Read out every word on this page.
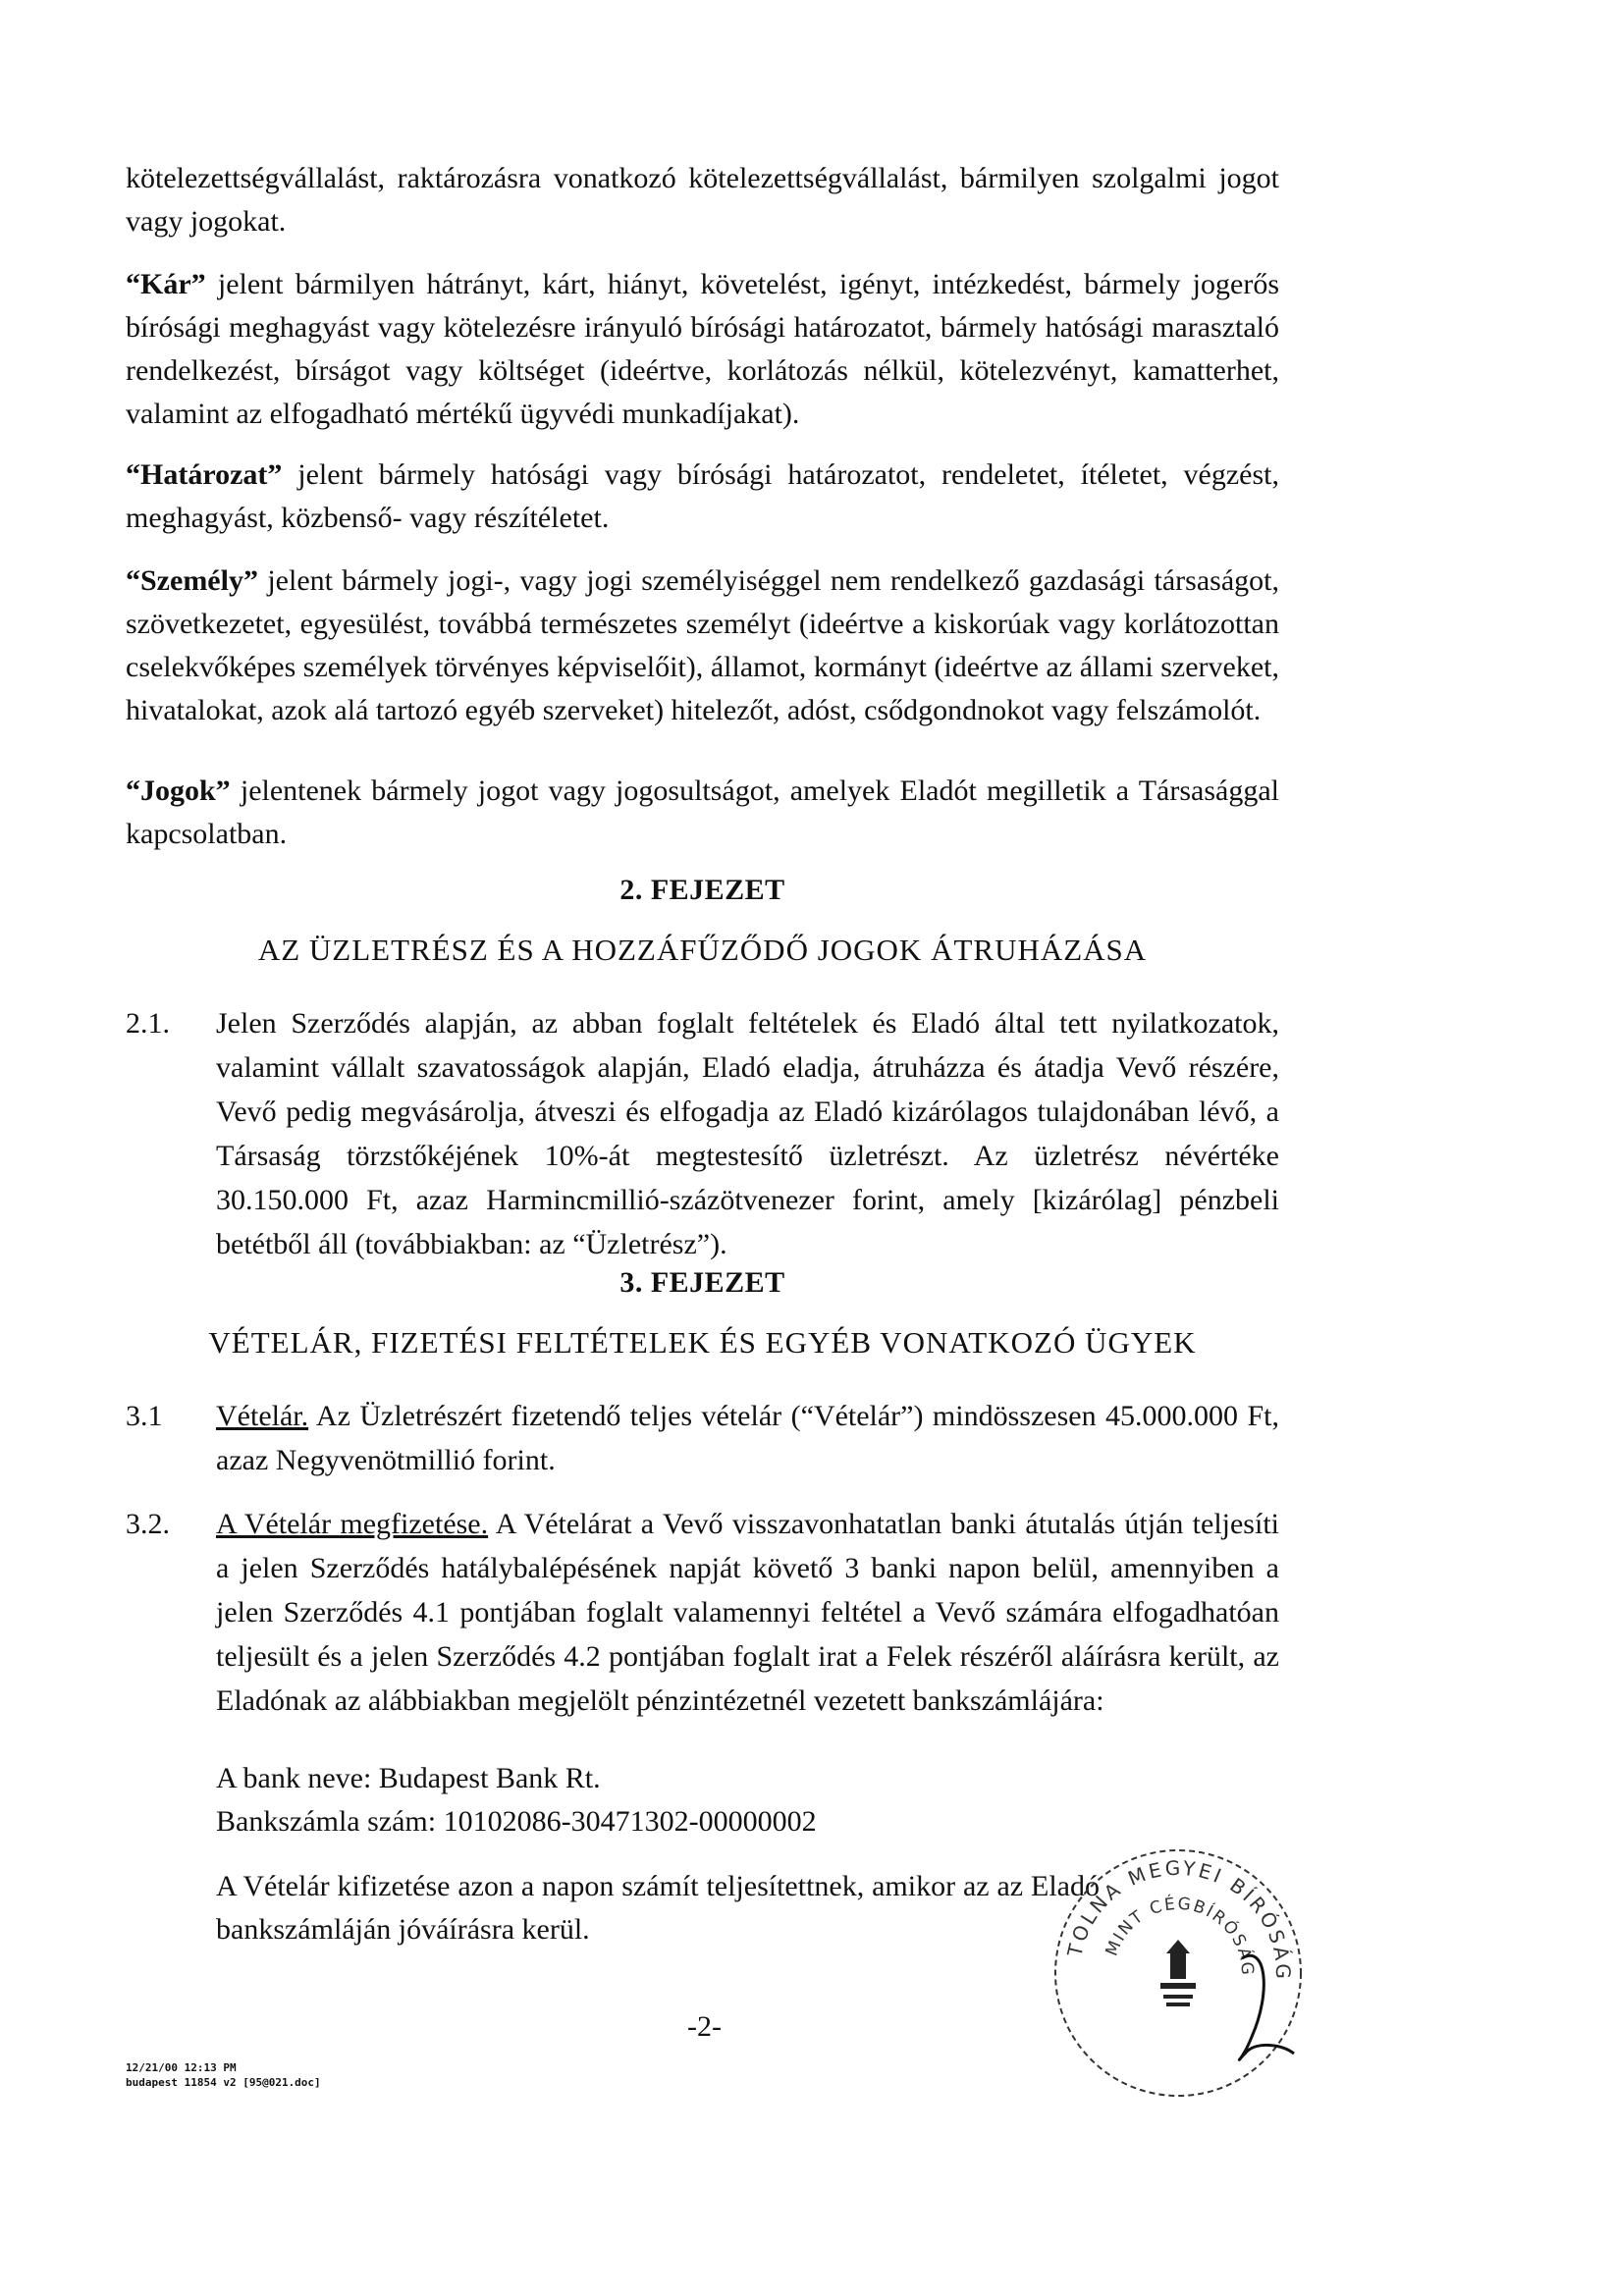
kötelezettségvállalást, raktározásra vonatkozó kötelezettségvállalást, bármilyen szolgalmi jogot vagy jogokat.
“Kár” jelent bármilyen hátrányt, kárt, hiányt, követelést, igényt, intézkedést, bármely jogerős bírósági meghagyást vagy kötelezésre irányuló bírósági határozatot, bármely hatósági marasztaló rendelkezést, bírságot vagy költséget (ideértve, korlátozás nélkül, kötelezvényt, kamatterhet, valamint az elfogadható mértékű ügyvédi munkadíjakat).
“Határozat” jelent bármely hatósági vagy bírósági határozatot, rendeletet, ítéletet, végzést, meghagyást, közbenső- vagy részítéletet.
“Személy” jelent bármely jogi-, vagy jogi személyiséggel nem rendelkező gazdasági társaságot, szövetkezetet, egyesülést, továbbá természetes személyt (ideértve a kiskorúak vagy korlátozottan cselekvőképes személyek törvényes képviselőit), államot, kormányt (ideértve az állami szerveket, hivatalokat, azok alá tartozó egyéb szerveket) hitelezőt, adóst, csődgondnokot vagy felszámolót.
“Jogok” jelentenek bármely jogot vagy jogosultságot, amelyek Eladót megilletik a Társasággal kapcsolatban.
2. FEJEZET
AZ ÜZLETRÉSZ ÉS A HOZZÁFŰZŐDŐ JOGOK ÁTRUHÁZÁSA
2.1.	Jelen Szerződés alapján, az abban foglalt feltételek és Eladó által tett nyilatkozatok, valamint vállalt szavatosságok alapján, Eladó eladja, átruházza és átadja Vevő részére, Vevő pedig megvásárolja, átveszi és elfogadja az Eladó kizárólagos tulajdonában lévő, a Társaság törzstőkéjének 10%-át megtestesítő üzletrészt. Az üzletrész névértéke 30.150.000 Ft, azaz Harmincmillió-százötvenezer forint, amely [kizárólag] pénzbeli betétből áll (továbbiakban: az “Üzletrész”).
3. FEJEZET
VÉTELÁR, FIZETÉSI FELTÉTELEK ÉS EGYÉB VONATKOZÓ ÜGYEK
3.1	Vételár. Az Üzletrészért fizetendő teljes vételár (“Vételár”) mindösszesen 45.000.000 Ft, azaz Negyvenötmillió forint.
3.2.	A Vételár megfizetése. A Vételárat a Vevő visszavonhatatlan banki átutalás útján teljesíti a jelen Szerződés hatálybalépésének napját követő 3 banki napon belül, amennyiben a jelen Szerződés 4.1 pontjában foglalt valamennyi feltétel a Vevő számára elfogadhatóan teljesült és a jelen Szerződés 4.2 pontjában foglalt irat a Felek részéről aláírásra került, az Eladónak az alábbiakban megjelölt pénzintézetnél vezetett bankszámlájára:
A bank neve: Budapest Bank Rt.
Bankszámla szám: 10102086-30471302-00000002
A Vételár kifizetése azon a napon számít teljesítettnek, amikor az az Eladó bankszámláján jóváírásra kerül.
-2-
12/21/00 12:13 PM
budapest 11854 v2 [95@021.doc]
TOLNA MEGYEI BÍRÓSÁG
MINT CÉGBÍRÓSÁG
